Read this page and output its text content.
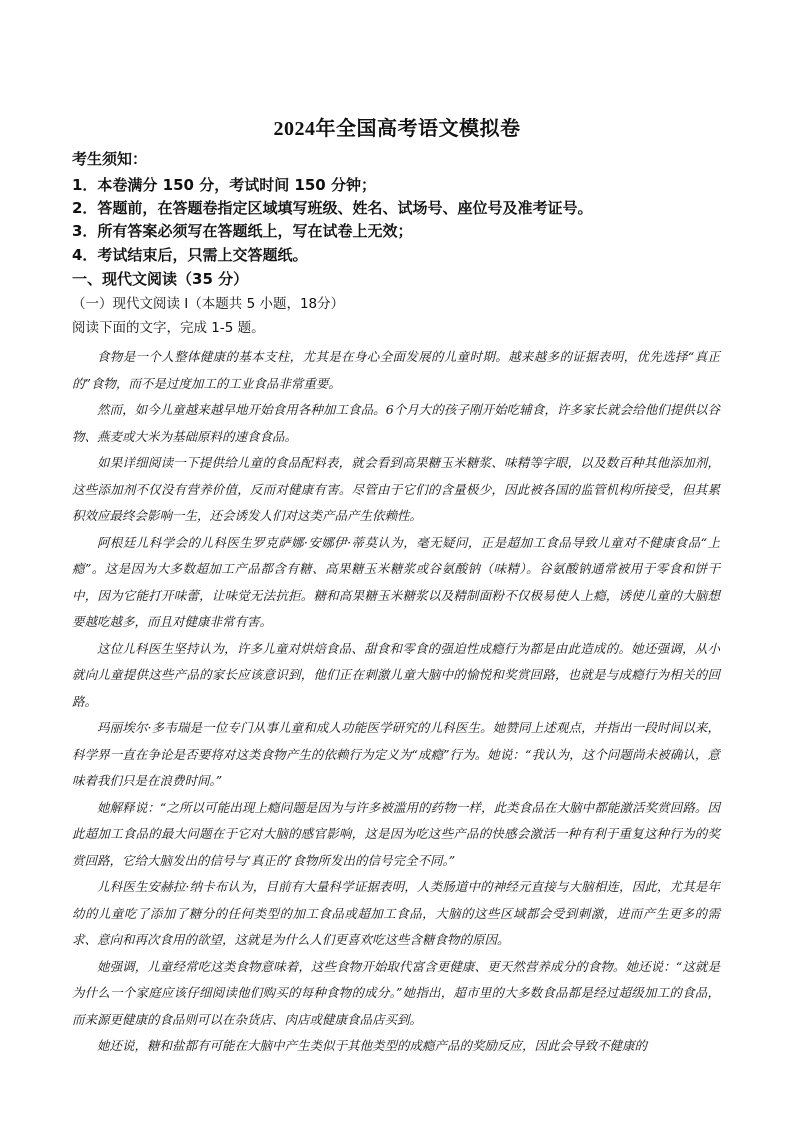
2024年全国高考语文模拟卷
考生须知：
1．本卷满分 150 分，考试时间 150 分钟；
2．答题前，在答题卷指定区域填写班级、姓名、试场号、座位号及准考证号。
3．所有答案必须写在答题纸上，写在试卷上无效；
4．考试结束后，只需上交答题纸。
一、现代文阅读（35 分）
（一）现代文阅读 I（本题共 5 小题，18分）
阅读下面的文字，完成 1-5 题。

食物是一个人整体健康的基本支柱，尤其是在身心全面发展的儿童时期。越来越多的证据表明，优先选择“真正的”食物，而不是过度加工的工业食品非常重要。

然而，如今儿童越来越早地开始食用各种加工食品。6个月大的孩子刚开始吃辅食，许多家长就会给他们提供以谷物、燕麦或大米为基础原料的速食食品。

如果详细阅读一下提供给儿童的食品配料表，就会看到高果糖玉米糖浆、味精等字眼，以及数百种其他添加剂，这些添加剂不仅没有营养价值，反而对健康有害。尽管由于它们的含量极少，因此被各国的监管机构所接受，但其累积效应最终会影响一生，还会诱发人们对这类产品产生依赖性。

阿根廷儿科学会的儿科医生罗克萨娜·安娜伊·蒂莫认为，毫无疑问，正是超加工食品导致儿童对不健康食品“上瘾”。这是因为大多数超加工产品都含有糖、高果糖玉米糖浆或谷氨酸钠（味精）。谷氨酸钠通常被用于零食和饼干中，因为它能打开味蕾，让味觉无法抗拒。糖和高果糖玉米糖浆以及精制面粉不仅极易使人上瘾，诱使儿童的大脑想要越吃越多，而且对健康非常有害。

这位儿科医生坚持认为，许多儿童对烘焙食品、甜食和零食的强迫性成瘾行为都是由此造成的。她还强调，从小就向儿童提供这些产品的家长应该意识到，他们正在刺激儿童大脑中的愉悦和奖赏回路，也就是与成瘾行为相关的回路。

玛丽埃尔·多韦瑞是一位专门从事儿童和成人功能医学研究的儿科医生。她赞同上述观点，并指出一段时间以来，科学界一直在争论是否要将对这类食物产生的依赖行为定义为“成瘾”行为。她说：“我认为，这个问题尚未被确认，意味着我们只是在浪费时间。”

她解释说：“之所以可能出现上瘾问题是因为与许多被滥用的药物一样，此类食品在大脑中都能激活奖赏回路。因此超加工食品的最大问题在于它对大脑的感官影响，这是因为吃这些产品的快感会激活一种有利于重复这种行为的奖赏回路，它给大脑发出的信号与‘真正的’食物所发出的信号完全不同。”

儿科医生安赫拉·纳卡布认为，目前有大量科学证据表明，人类肠道中的神经元直接与大脑相连，因此，尤其是年幼的儿童吃了添加了糖分的任何类型的加工食品或超加工食品，大脑的这些区域都会受到刺激，进而产生更多的需求、意向和再次食用的欲望，这就是为什么人们更喜欢吃这些含糖食物的原因。

她强调，儿童经常吃这类食物意味着，这些食物开始取代富含更健康、更天然营养成分的食物。她还说：“这就是为什么一个家庭应该仔细阅读他们购买的每种食物的成分。”她指出，超市里的大多数食品都是经过超级加工的食品，而来源更健康的食品则可以在杂货店、肉店或健康食品店买到。

她还说，糖和盐都有可能在大脑中产生类似于其他类型的成瘾产品的奖励反应，因此会导致不健康的
